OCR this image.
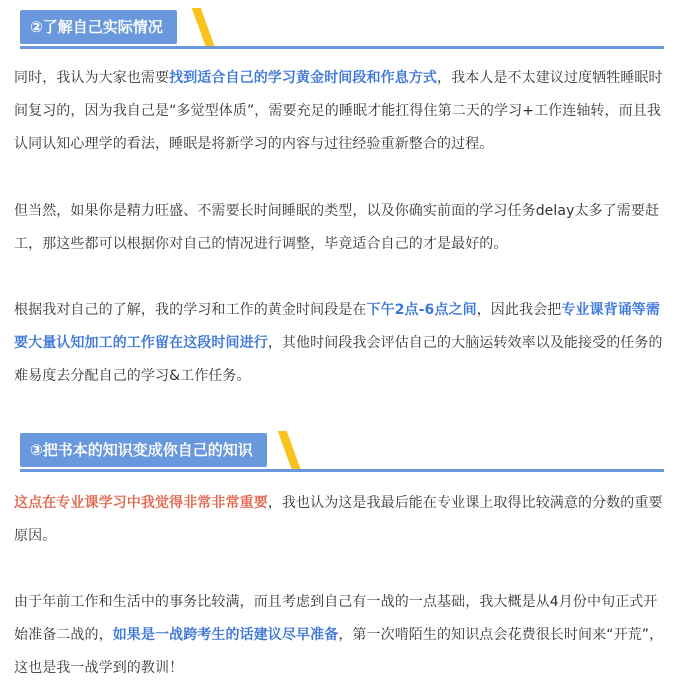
②了解自己实际情况

同时，我认为大家也需要找到适合自己的学习黄金时间段和作息方式，我本人是不太建议过度牺牲睡眠时间复习的，因为我自己是“多觉型体质”，需要充足的睡眠才能扛得住第二天的学习+工作连轴转，而且我认同认知心理学的看法，睡眠是将新学习的内容与过往经验重新整合的过程。

但当然，如果你是精力旺盛、不需要长时间睡眠的类型，以及你确实前面的学习任务delay太多了需要赶工，那这些都可以根据你对自己的情况进行调整，毕竟适合自己的才是最好的。

根据我对自己的了解，我的学习和工作的黄金时间段是在下午2点-6点之间，因此我会把专业课背诵等需要大量认知加工的工作留在这段时间进行，其他时间段我会评估自己的大脑运转效率以及能接受的任务的难易度去分配自己的学习&工作任务。

③把书本的知识变成你自己的知识

这点在专业课学习中我觉得非常非常重要，我也认为这是我最后能在专业课上取得比较满意的分数的重要原因。

由于年前工作和生活中的事务比较满，而且考虑到自己有一战的一点基础，我大概是从4月份中旬正式开始准备二战的，如果是一战跨考生的话建议尽早准备，第一次啃陌生的知识点会花费很长时间来“开荒”，这也是我一战学到的教训！
